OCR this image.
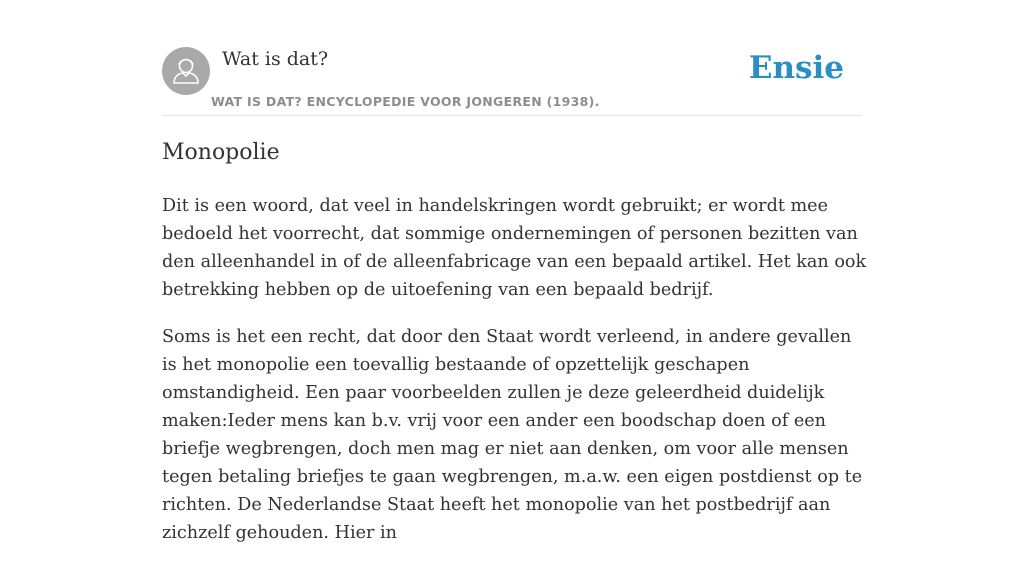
Wat is dat?
WAT IS DAT? ENCYCLOPEDIE VOOR JONGEREN (1938).
Ensie
Monopolie

Dit is een woord, dat veel in handelskringen wordt gebruikt; er wordt mee bedoeld het voorrecht, dat sommige ondernemingen of personen bezitten van den alleenhandel in of de alleenfabricage van een bepaald artikel. Het kan ook betrekking hebben op de uitoefening van een bepaald bedrijf.

Soms is het een recht, dat door den Staat wordt verleend, in andere gevallen is het monopolie een toevallig bestaande of opzettelijk geschapen omstandigheid. Een paar voorbeelden zullen je deze geleerdheid duidelijk maken:Ieder mens kan b.v. vrij voor een ander een boodschap doen of een briefje wegbrengen, doch men mag er niet aan denken, om voor alle mensen tegen betaling briefjes te gaan wegbrengen, m.a.w. een eigen postdienst op te richten. De Nederlandse Staat heeft het monopolie van het postbedrijf aan zichzelf gehouden. Hier in
